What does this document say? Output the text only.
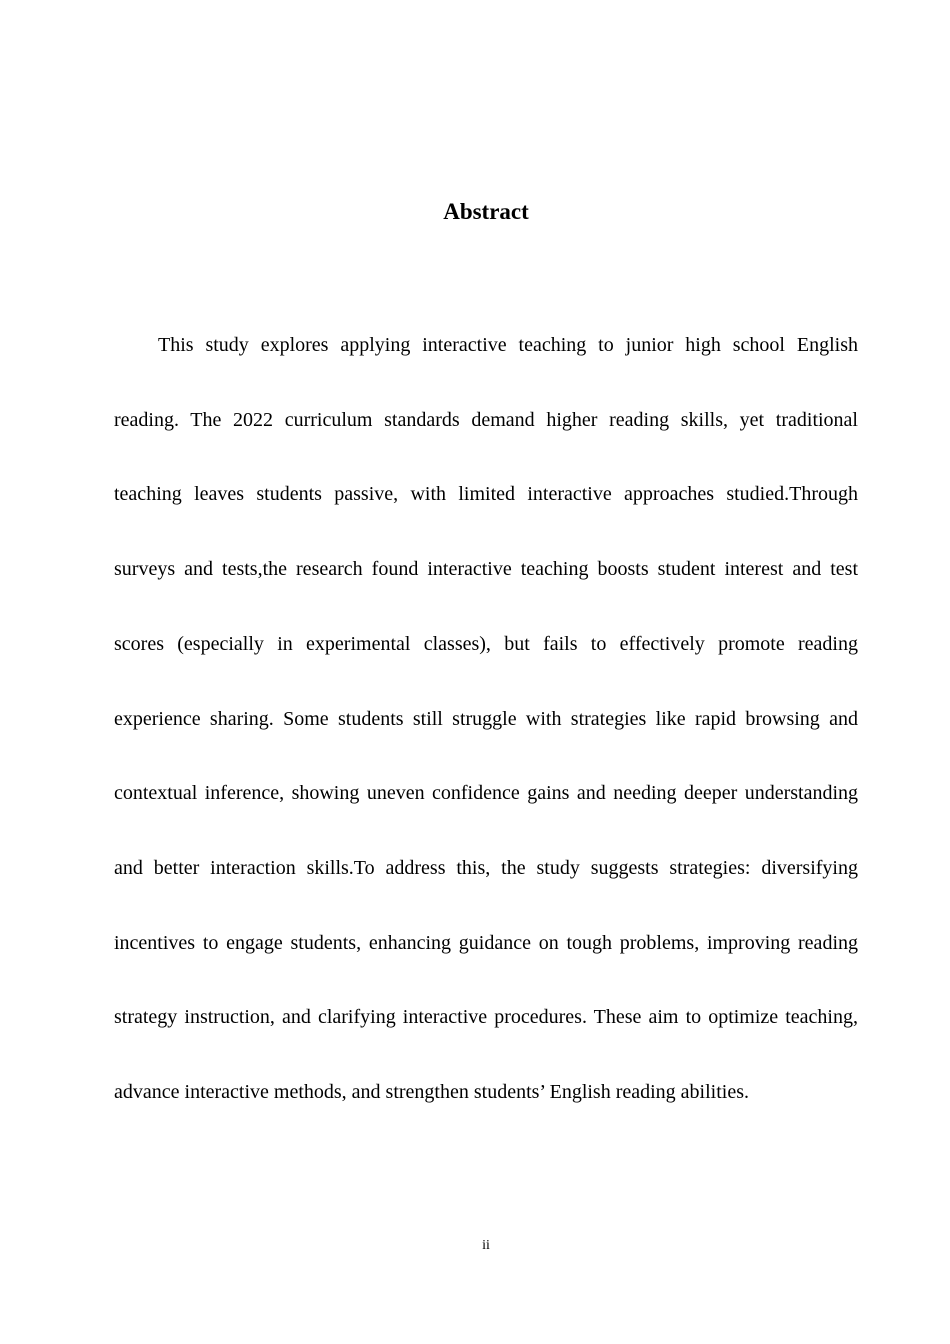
Abstract

This study explores applying interactive teaching to junior high school English reading. The 2022 curriculum standards demand higher reading skills, yet traditional teaching leaves students passive, with limited interactive approaches studied.Through surveys and tests,the research found interactive teaching boosts student interest and test scores (especially in experimental classes), but fails to effectively promote reading experience sharing. Some students still struggle with strategies like rapid browsing and contextual inference, showing uneven confidence gains and needing deeper understanding and better interaction skills.To address this, the study suggests strategies: diversifying incentives to engage students, enhancing guidance on tough problems, improving reading strategy instruction, and clarifying interactive procedures. These aim to optimize teaching, advance interactive methods, and strengthen students’ English reading abilities.

ii
